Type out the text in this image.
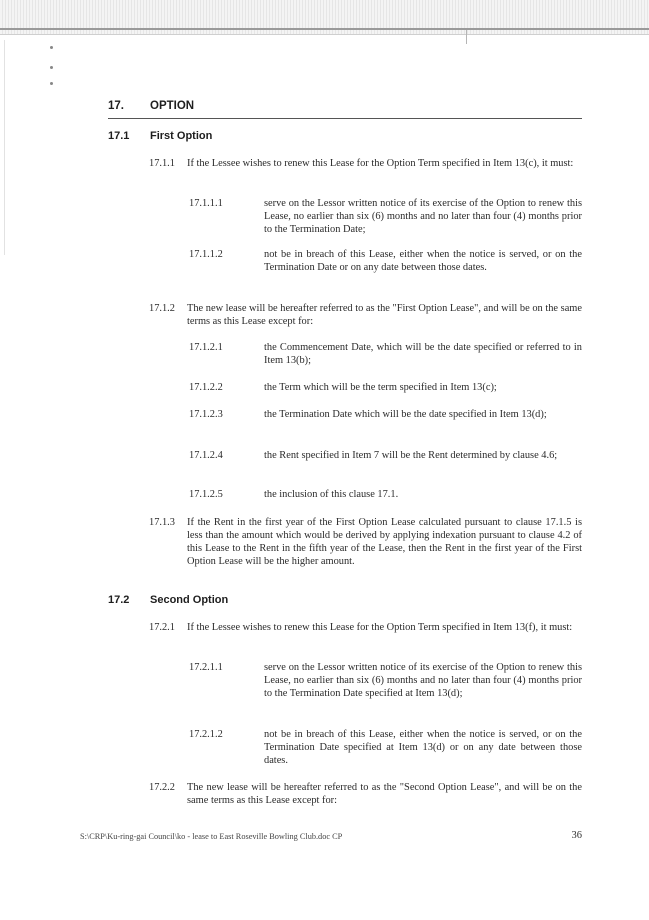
17. OPTION
17.1 First Option
17.1.1 If the Lessee wishes to renew this Lease for the Option Term specified in Item 13(c), it must:
17.1.1.1	serve on the Lessor written notice of its exercise of the Option to renew this Lease, no earlier than six (6) months and no later than four (4) months prior to the Termination Date;
17.1.1.2	not be in breach of this Lease, either when the notice is served, or on the Termination Date or on any date between those dates.
17.1.2 The new lease will be hereafter referred to as the "First Option Lease", and will be on the same terms as this Lease except for:
17.1.2.1	the Commencement Date, which will be the date specified or referred to in Item 13(b);
17.1.2.2	the Term which will be the term specified in Item 13(c);
17.1.2.3	the Termination Date which will be the date specified in Item 13(d);
17.1.2.4	the Rent specified in Item 7 will be the Rent determined by clause 4.6;
17.1.2.5	the inclusion of this clause 17.1.
17.1.3 If the Rent in the first year of the First Option Lease calculated pursuant to clause 17.1.5 is less than the amount which would be derived by applying indexation pursuant to clause 4.2 of this Lease to the Rent in the fifth year of the Lease, then the Rent in the first year of the First Option Lease will be the higher amount.
17.2 Second Option
17.2.1 If the Lessee wishes to renew this Lease for the Option Term specified in Item 13(f), it must:
17.2.1.1	serve on the Lessor written notice of its exercise of the Option to renew this Lease, no earlier than six (6) months and no later than four (4) months prior to the Termination Date specified at Item 13(d);
17.2.1.2	not be in breach of this Lease, either when the notice is served, or on the Termination Date specified at Item 13(d) or on any date between those dates.
17.2.2 The new lease will be hereafter referred to as the "Second Option Lease", and will be on the same terms as this Lease except for:
S:\CRP\Ku-ring-gai Council\ko - lease to East Roseville Bowling Club.doc CP	36
